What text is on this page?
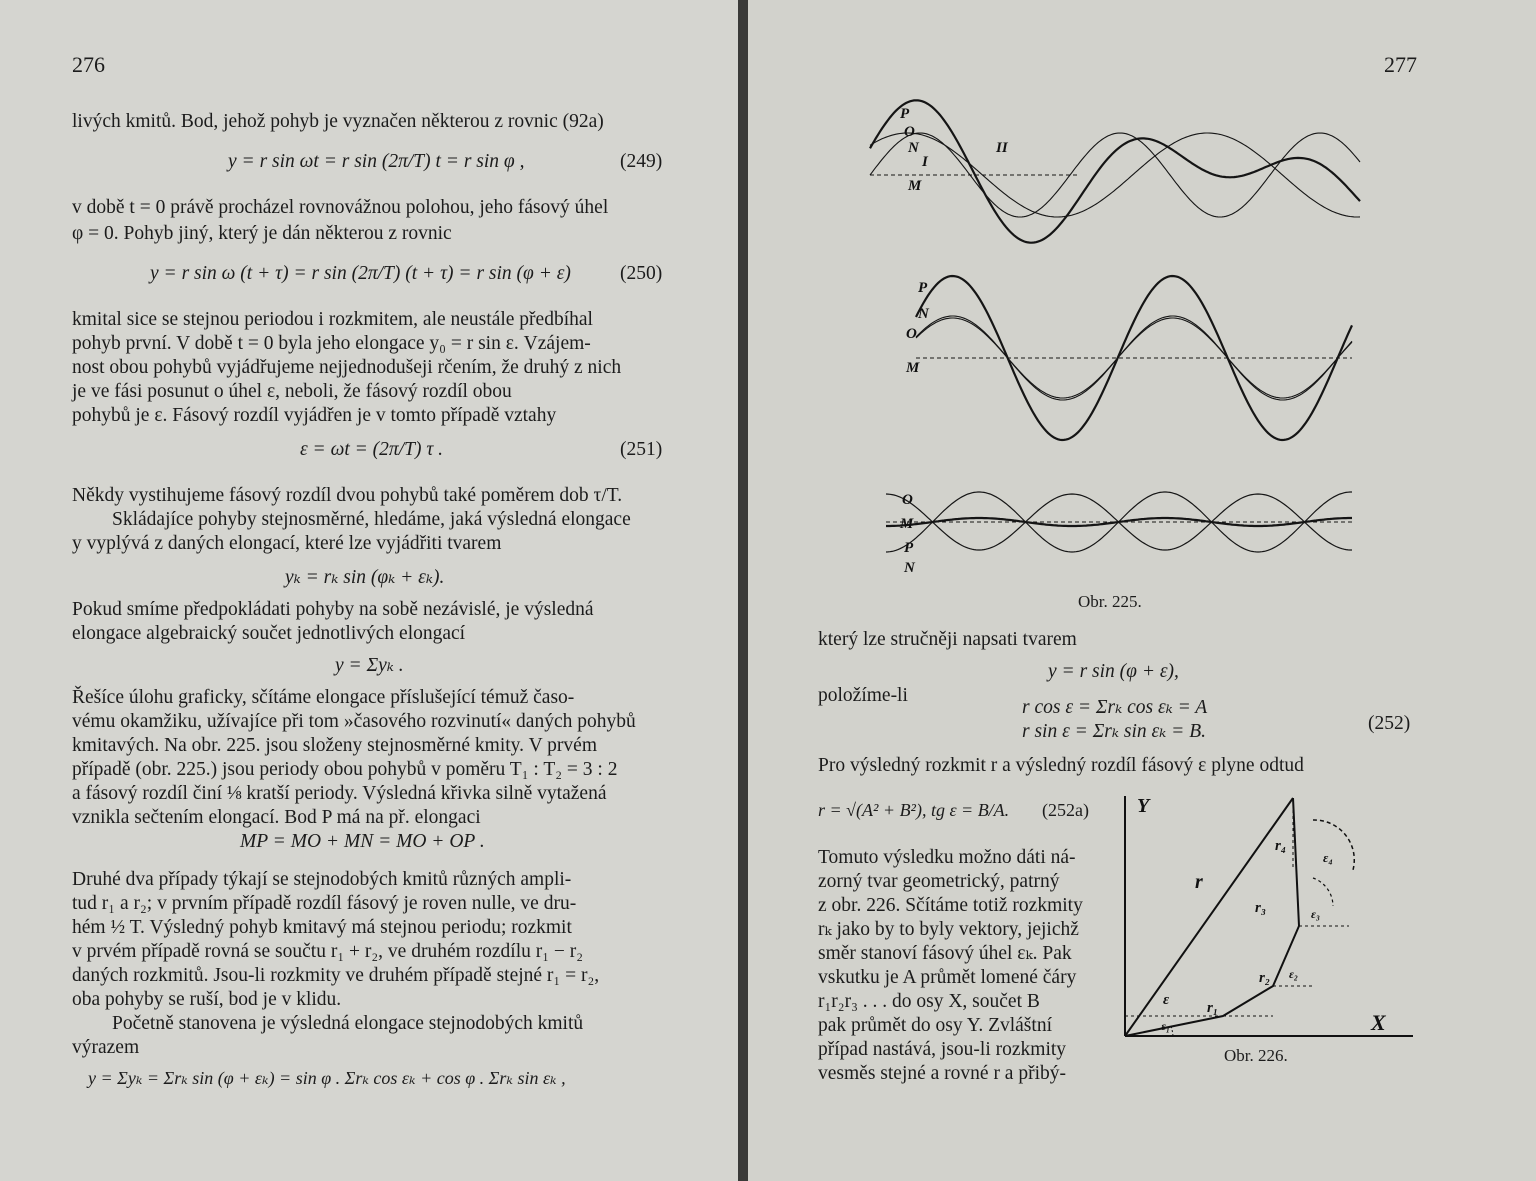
276
livých kmitů. Bod, jehož pohyb je vyznačen některou z rovnic (92a)
y = r sin ωt = r sin (2π/T) t = r sin φ ,	(249)
v době t = 0 právě procházel rovnovážnou polohou, jeho fásový úhel
φ = 0. Pohyb jiný, který je dán některou z rovnic
y = r sin ω (t + τ) = r sin (2π/T) (t + τ) = r sin (φ + ε)	(250)
kmital sice se stejnou periodou i rozkmitem, ale neustále předbíhal
pohyb první. V době t = 0 byla jeho elongace y₀ = r sin ε. Vzájem-
nost obou pohybů vyjádřujeme nejjednodušeji rčením, že druhý z nich
je ve fási posunut o úhel ε, neboli, že fásový rozdíl obou
pohybů je ε. Fásový rozdíl vyjádřen je v tomto případě vztahy
ε = ωt = (2π/T) τ .	(251)
Někdy vystihujeme fásový rozdíl dvou pohybů také poměrem dob τ/T.
Skládajíce pohyby stejnosměrné, hledáme, jaká výsledná elongace
y vyplývá z daných elongací, které lze vyjádřiti tvarem
yₖ = rₖ sin (φₖ + εₖ).
Pokud smíme předpokládati pohyby na sobě nezávislé, je výsledná
elongace algebraický součet jednotlivých elongací
y = Σyₖ .
Řešíce úlohu graficky, sčítáme elongace příslušející témuž časo-
vému okamžiku, užívajíce při tom »časového rozvinutí« daných pohybů
kmitavých. Na obr. 225. jsou složeny stejnosměrné kmity. V prvém
případě (obr. 225.) jsou periody obou pohybů v poměru T₁ : T₂ = 3 : 2
a fásový rozdíl činí ⅛ kratší periody. Výsledná křivka silně vytažená
vznikla sečtením elongací. Bod P má na př. elongaci
MP = MO + MN = MO + OP .
Druhé dva případy týkají se stejnodobých kmitů různých ampli-
tud r₁ a r₂; v prvním případě rozdíl fásový je roven nulle, ve dru-
hém ½ T. Výsledný pohyb kmitavý má stejnou periodu; rozkmit
v prvém případě rovná se součtu r₁ + r₂, ve druhém rozdílu r₁ − r₂
daných rozkmitů. Jsou-li rozkmity ve druhém případě stejné r₁ = r₂,
oba pohyby se ruší, bod je v klidu.
Početně stanovena je výsledná elongace stejnodobých kmitů
výrazem
y = Σyₖ = Σrₖ sin (φ + εₖ) = sin φ . Σrₖ cos εₖ + cos φ . Σrₖ sin εₖ ,
277
P
O
N
I
M
II
P
N
O
M
O
M
P
N
Obr. 225.
který lze stručněji napsati tvarem
y = r sin (φ + ε),
položíme-li
r cos ε = Σrₖ cos εₖ = A
r sin ε = Σrₖ sin εₖ = B.	(252)
Pro výsledný rozkmit r a výsledný rozdíl fásový ε plyne odtud
r = √(A² + B²), tg ε = B/A. (252a)
Tomuto výsledku možno dáti ná-
zorný tvar geometrický, patrný
z obr. 226. Sčítáme totiž rozkmity
rₖ jako by to byly vektory, jejichž
směr stanoví fásový úhel εₖ. Pak
vskutku je A průmět lomené čáry
r₁r₂r₃ . . . do osy X, součet B
pak průmět do osy Y. Zvláštní
případ nastává, jsou-li rozkmity
vesměs stejné a rovné r a přibý-
Y
X
r
r₁
r₂
r₃
r₄
ε
ε₁
ε₂
ε₃
ε₄
Obr. 226.
